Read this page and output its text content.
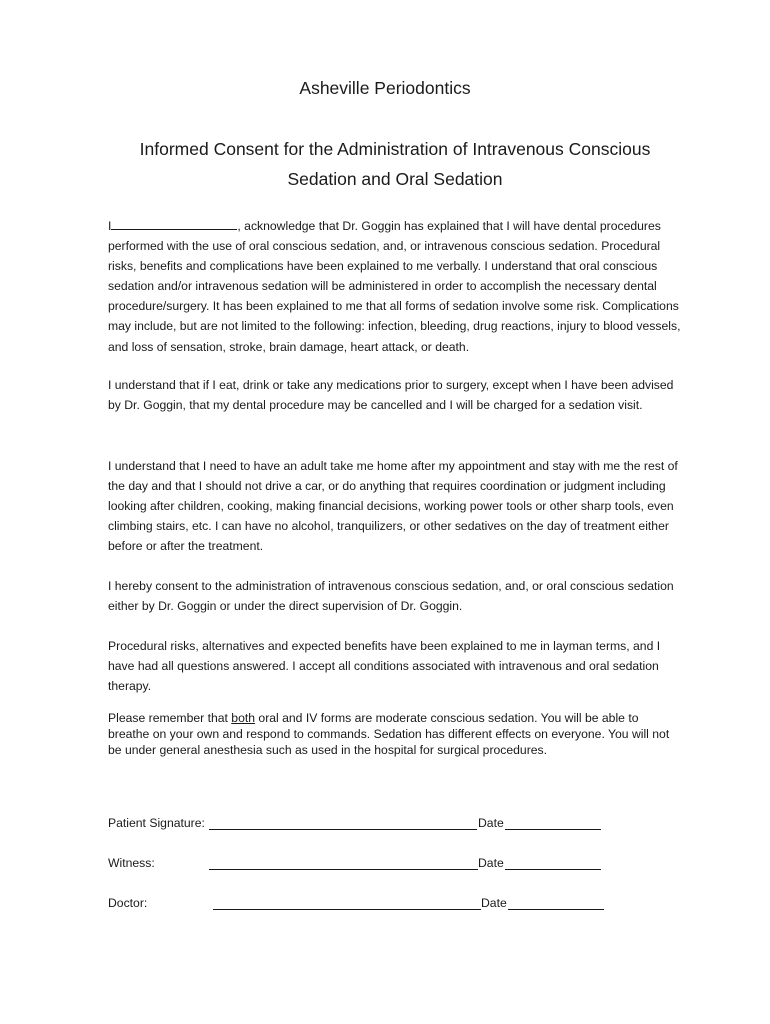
Asheville Periodontics
Informed Consent for the Administration of Intravenous Conscious Sedation and Oral Sedation

I	, acknowledge that Dr. Goggin has explained that I will have dental procedures performed with the use of oral conscious sedation, and, or intravenous conscious sedation. Procedural risks, benefits and complications have been explained to me verbally. I understand that oral conscious sedation and/or intravenous sedation will be administered in order to accomplish the necessary dental procedure/surgery. It has been explained to me that all forms of sedation involve some risk. Complications may include, but are not limited to the following: infection, bleeding, drug reactions, injury to blood vessels, and loss of sensation, stroke, brain damage, heart attack, or death.

I understand that if I eat, drink or take any medications prior to surgery, except when I have been advised by Dr. Goggin, that my dental procedure may be cancelled and I will be charged for a sedation visit.

I understand that I need to have an adult take me home after my appointment and stay with me the rest of the day and that I should not drive a car, or do anything that requires coordination or judgment including looking after children, cooking, making financial decisions, working power tools or other sharp tools, even climbing stairs, etc. I can have no alcohol, tranquilizers, or other sedatives on the day of treatment either before or after the treatment.

I hereby consent to the administration of intravenous conscious sedation, and, or oral conscious sedation either by Dr. Goggin or under the direct supervision of Dr. Goggin.

Procedural risks, alternatives and expected benefits have been explained to me in layman terms, and I have had all questions answered. I accept all conditions associated with intravenous and oral sedation therapy.

Please remember that both oral and IV forms are moderate conscious sedation. You will be able to breathe on your own and respond to commands. Sedation has different effects on everyone. You will not be under general anesthesia such as used in the hospital for surgical procedures.

Patient Signature:	Date
Witness:	Date
Doctor:	Date
